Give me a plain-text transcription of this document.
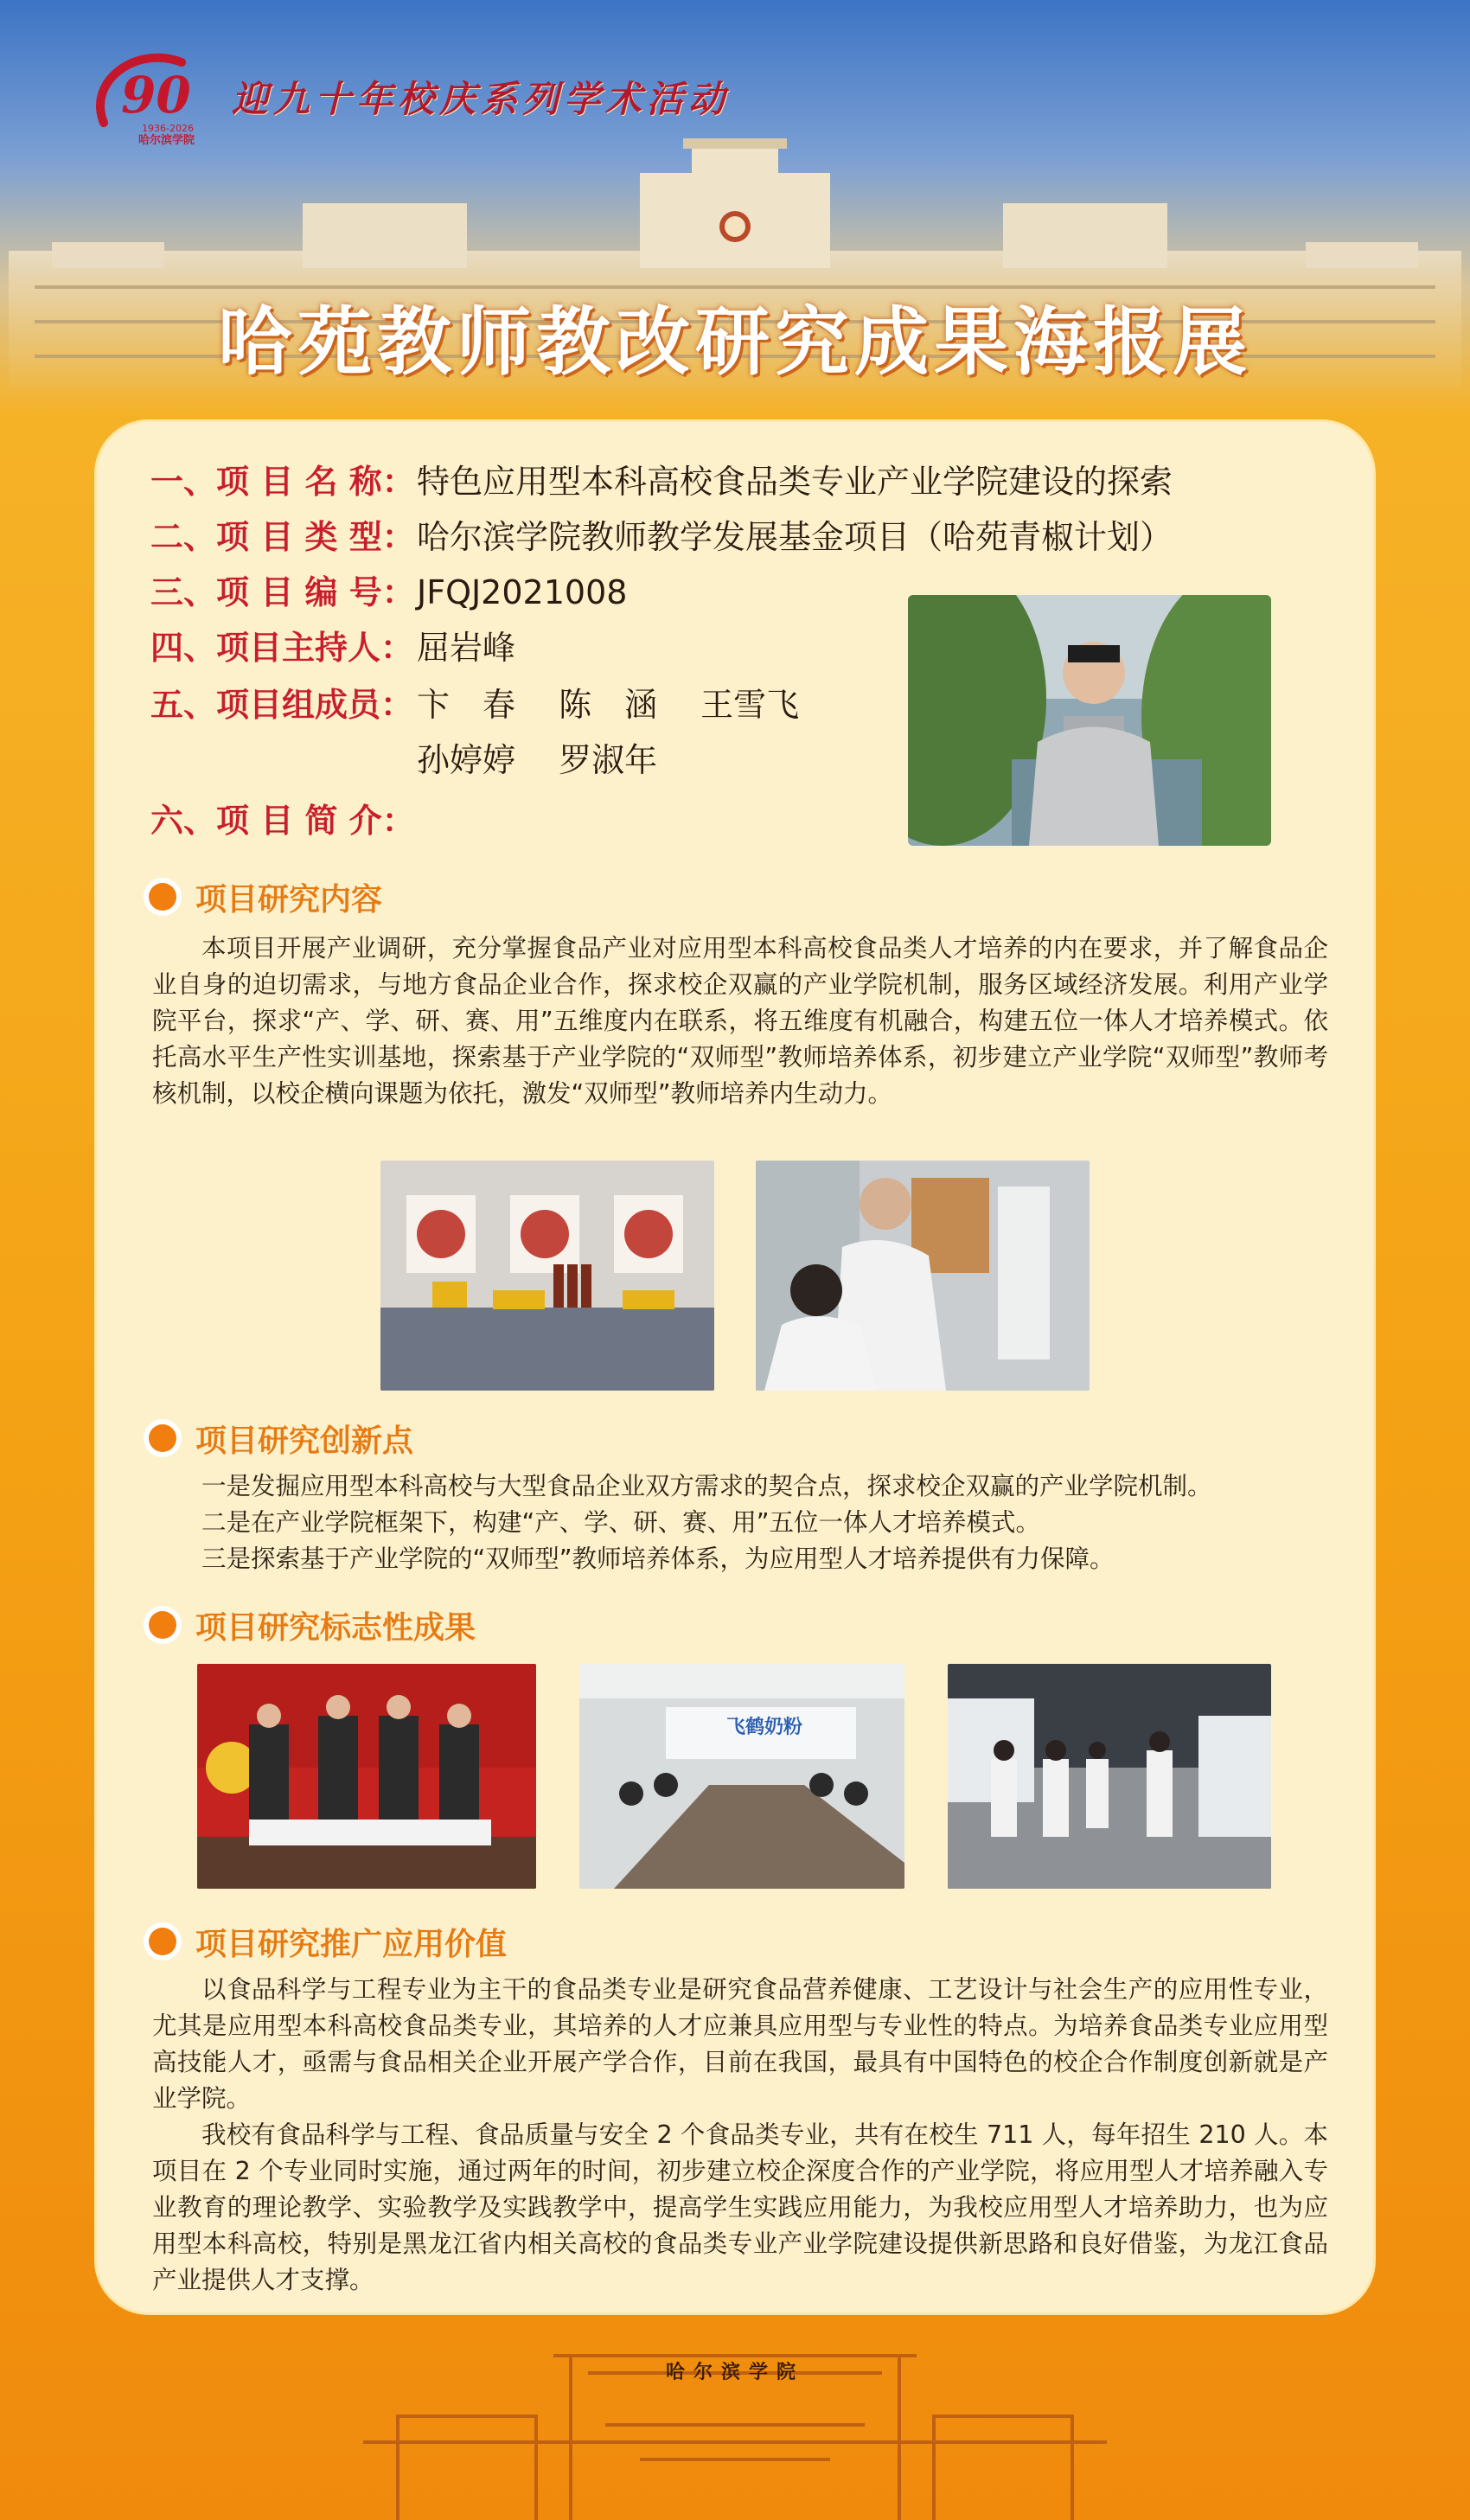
90
1936-2026
哈尔滨学院
迎九十年校庆系列学术活动
哈苑教师教改研究成果海报展
一、项 目 名 称：特色应用型本科高校食品类专业产业学院建设的探索
二、项 目 类 型：哈尔滨学院教师教学发展基金项目（哈苑青椒计划）
三、项 目 编 号：JFQJ2021008
四、项目主持人： 屈岩峰
五、项目组成员： 卞　春　 陈　涵　 王雪飞
孙婷婷　 罗淑年
六、项 目 简 介：
项目研究内容

本项目开展产业调研，充分掌握食品产业对应用型本科高校食品类人才培养的内在要求，并了解食品企业自身的迫切需求，与地方食品企业合作，探求校企双赢的产业学院机制，服务区域经济发展。利用产业学院平台，探求“产、学、研、赛、用”五维度内在联系，将五维度有机融合，构建五位一体人才培养模式。依托高水平生产性实训基地，探索基于产业学院的“双师型”教师培养体系，初步建立产业学院“双师型”教师考核机制，以校企横向课题为依托，激发“双师型”教师培养内生动力。

项目研究创新点

一是发掘应用型本科高校与大型食品企业双方需求的契合点，探求校企双赢的产业学院机制。

二是在产业学院框架下，构建“产、学、研、赛、用”五位一体人才培养模式。

三是探索基于产业学院的“双师型”教师培养体系，为应用型人才培养提供有力保障。

项目研究标志性成果
飞鹤奶粉
项目研究推广应用价值

以食品科学与工程专业为主干的食品类专业是研究食品营养健康、工艺设计与社会生产的应用性专业，尤其是应用型本科高校食品类专业，其培养的人才应兼具应用型与专业性的特点。为培养食品类专业应用型高技能人才，亟需与食品相关企业开展产学合作，目前在我国，最具有中国特色的校企合作制度创新就是产业学院。

我校有食品科学与工程、食品质量与安全 2 个食品类专业，共有在校生 711 人，每年招生 210 人。本项目在 2 个专业同时实施，通过两年的时间，初步建立校企深度合作的产业学院，将应用型人才培养融入专业教育的理论教学、实验教学及实践教学中，提高学生实践应用能力，为我校应用型人才培养助力，也为应用型本科高校，特别是黑龙江省内相关高校的食品类专业产业学院建设提供新思路和良好借鉴，为龙江食品产业提供人才支撑。

哈尔滨学院
